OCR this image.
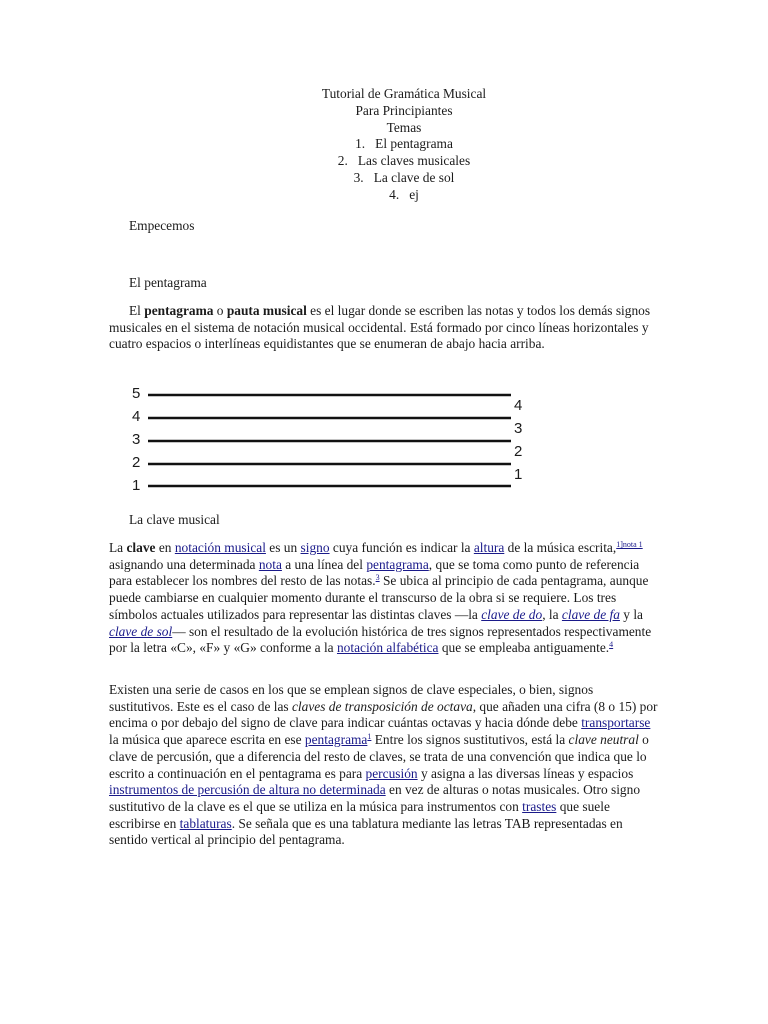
Tutorial de Gramática Musical
Para Principiantes
Temas
1.   El pentagrama
2.   Las claves musicales
3.   La clave de sol
4.   ej
Empecemos
El pentagrama
El pentagrama o pauta musical es el lugar donde se escriben las notas y todos los demás signos musicales en el sistema de notación musical occidental. Está formado por cinco líneas horizontales y cuatro espacios o interlíneas equidistantes que se enumeran de abajo hacia arriba.
5
4
3
2
1
4
3
2
1
La clave musical
La clave en notación musical es un signo cuya función es indicar la altura de la música escrita,$^{1]nota 1}$ asignando una determinada nota a una línea del pentagrama, que se toma como punto de referencia para establecer los nombres del resto de las notas.$^3$ Se ubica al principio de cada pentagrama, aunque puede cambiarse en cualquier momento durante el transcurso de la obra si se requiere. Los tres símbolos actuales utilizados para representar las distintas claves —la clave de do, la clave de fa y la clave de sol— son el resultado de la evolución histórica de tres signos representados respectivamente por la letra «C», «F» y «G» conforme a la notación alfabética que se empleaba antiguamente.$^4$
Existen una serie de casos en los que se emplean signos de clave especiales, o bien, signos sustitutivos. Este es el caso de las claves de transposición de octava, que añaden una cifra (8 o 15) por encima o por debajo del signo de clave para indicar cuántas octavas y hacia dónde debe transportarse la música que aparece escrita en ese pentagrama$^1$ Entre los signos sustitutivos, está la clave neutral o clave de percusión, que a diferencia del resto de claves, se trata de una convención que indica que lo escrito a continuación en el pentagrama es para percusión y asigna a las diversas líneas y espacios instrumentos de percusión de altura no determinada en vez de alturas o notas musicales. Otro signo sustitutivo de la clave es el que se utiliza en la música para instrumentos con trastes que suele escribirse en tablaturas. Se señala que es una tablatura mediante las letras TAB representadas en sentido vertical al principio del pentagrama.
